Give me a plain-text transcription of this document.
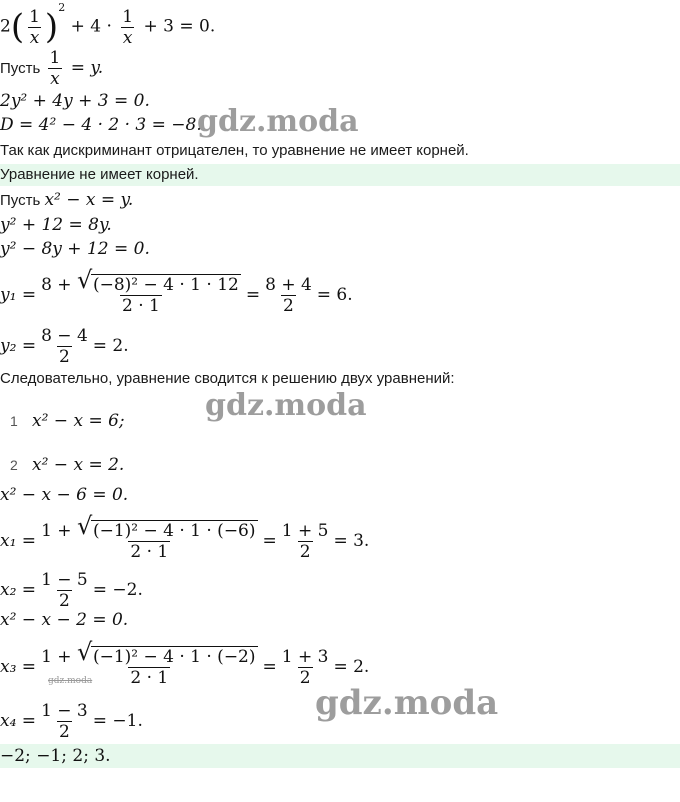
$2( \frac{1}{x} )^2 + 4 \cdot \frac{1}{x} + 3 = 0$.
Пусть $\frac{1}{x} = y$.
2y² + 4y + 3 = 0.
D = 4² − 4 · 2 · 3 = −8.
Так как дискриминант отрицателен, то уравнение не имеет корней.
Уравнение не имеет корней.
Пусть x² − x = y.
y² + 12 = 8y.
y² − 8y + 12 = 0.
$y_1 = \frac{\text{8 + √ (−8)² − 4 · 1 · 12}}{2 \cdot 1} = \frac{8 + 4}{2} = 6$.
$y_2 = \frac{8 - 4}{2} = 2$.
Следовательно, уравнение сводится к решению двух уравнений:
1 x² − x = 6;
2 x² − x = 2.
x² − x − 6 = 0.
$x_1 = \frac{\text{1 + √ (−1)² − 4 · 1 · (−6)}}{2 \cdot 1} = \frac{1 + 5}{2} = 3$.
$x_2 = \frac{1 - 5}{2} = -2$.
x² − x − 2 = 0.
$x_3 = \frac{\text{1 + √ (−1)² − 4 · 1 · (−2)}}{2 \cdot 1} = \frac{1 + 3}{2} = 2$.
$x_4 = \frac{1 - 3}{2} = -1$.
−2; −1; 2; 3.
gdz.moda
gdz.moda
gdz.moda
gdz.moda
